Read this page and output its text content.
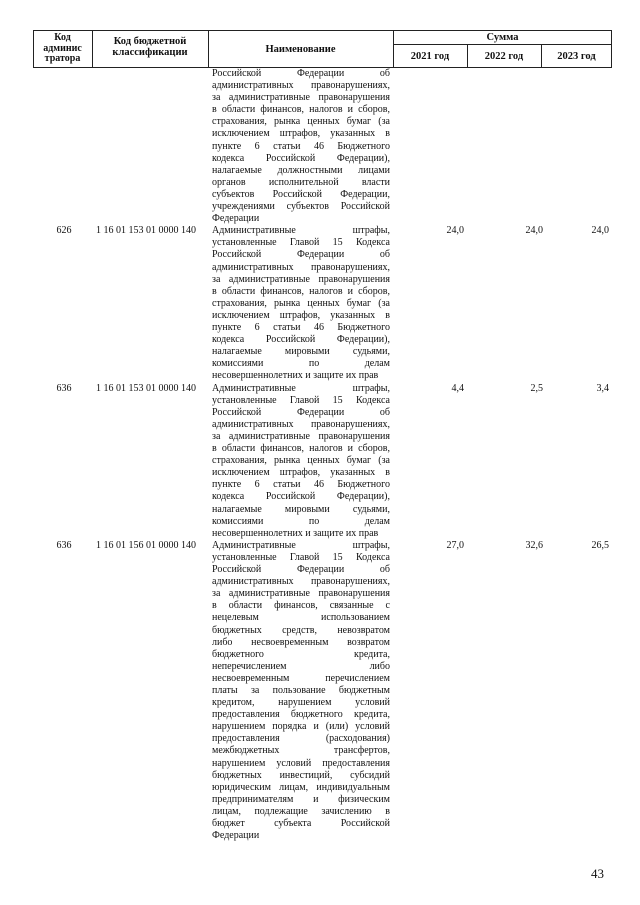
Код
админис
тратора
Код бюджетной
классификации	Наименование
Сумма
2021 год	2022 год	2023 год
Российской Федерации об
административных правонарушениях,
за административные правонарушения
в области финансов, налогов и сборов,
страхования, рынка ценных бумаг (за
исключением штрафов, указанных в
пункте 6 статьи 46 Бюджетного
кодекса Российской Федерации),
налагаемые должностными лицами
органов исполнительной власти
субъектов Российской Федерации,
учреждениями субъектов Российской
Федерации
626	1 16 01 153 01 0000 140	Административные штрафы,
установленные Главой 15 Кодекса
Российской Федерации об
административных правонарушениях,
за административные правонарушения
в области финансов, налогов и сборов,
страхования, рынка ценных бумаг (за
исключением штрафов, указанных в
пункте 6 статьи 46 Бюджетного
кодекса Российской Федерации),
налагаемые мировыми судьями,
комиссиями по делам
несовершеннолетних и защите их прав
24,0	24,0	24,0
636	1 16 01 153 01 0000 140	Административные штрафы,
установленные Главой 15 Кодекса
Российской Федерации об
административных правонарушениях,
за административные правонарушения
в области финансов, налогов и сборов,
страхования, рынка ценных бумаг (за
исключением штрафов, указанных в
пункте 6 статьи 46 Бюджетного
кодекса Российской Федерации),
налагаемые мировыми судьями,
комиссиями по делам
несовершеннолетних и защите их прав
4,4	2,5	3,4
636	1 16 01 156 01 0000 140	Административные штрафы,
установленные Главой 15 Кодекса
Российской Федерации об
административных правонарушениях,
за административные правонарушения
в области финансов, связанные с
нецелевым использованием
бюджетных средств, невозвратом
либо несвоевременным возвратом
бюджетного кредита,
неперечислением либо
несвоевременным перечислением
платы за пользование бюджетным
кредитом, нарушением условий
предоставления бюджетного кредита,
нарушением порядка и (или) условий
предоставления (расходования)
межбюджетных трансфертов,
нарушением условий предоставления
бюджетных инвестиций, субсидий
юридическим лицам, индивидуальным
предпринимателям и физическим
лицам, подлежащие зачислению в
бюджет субъекта Российской
Федерации
27,0	32,6	26,5
43
